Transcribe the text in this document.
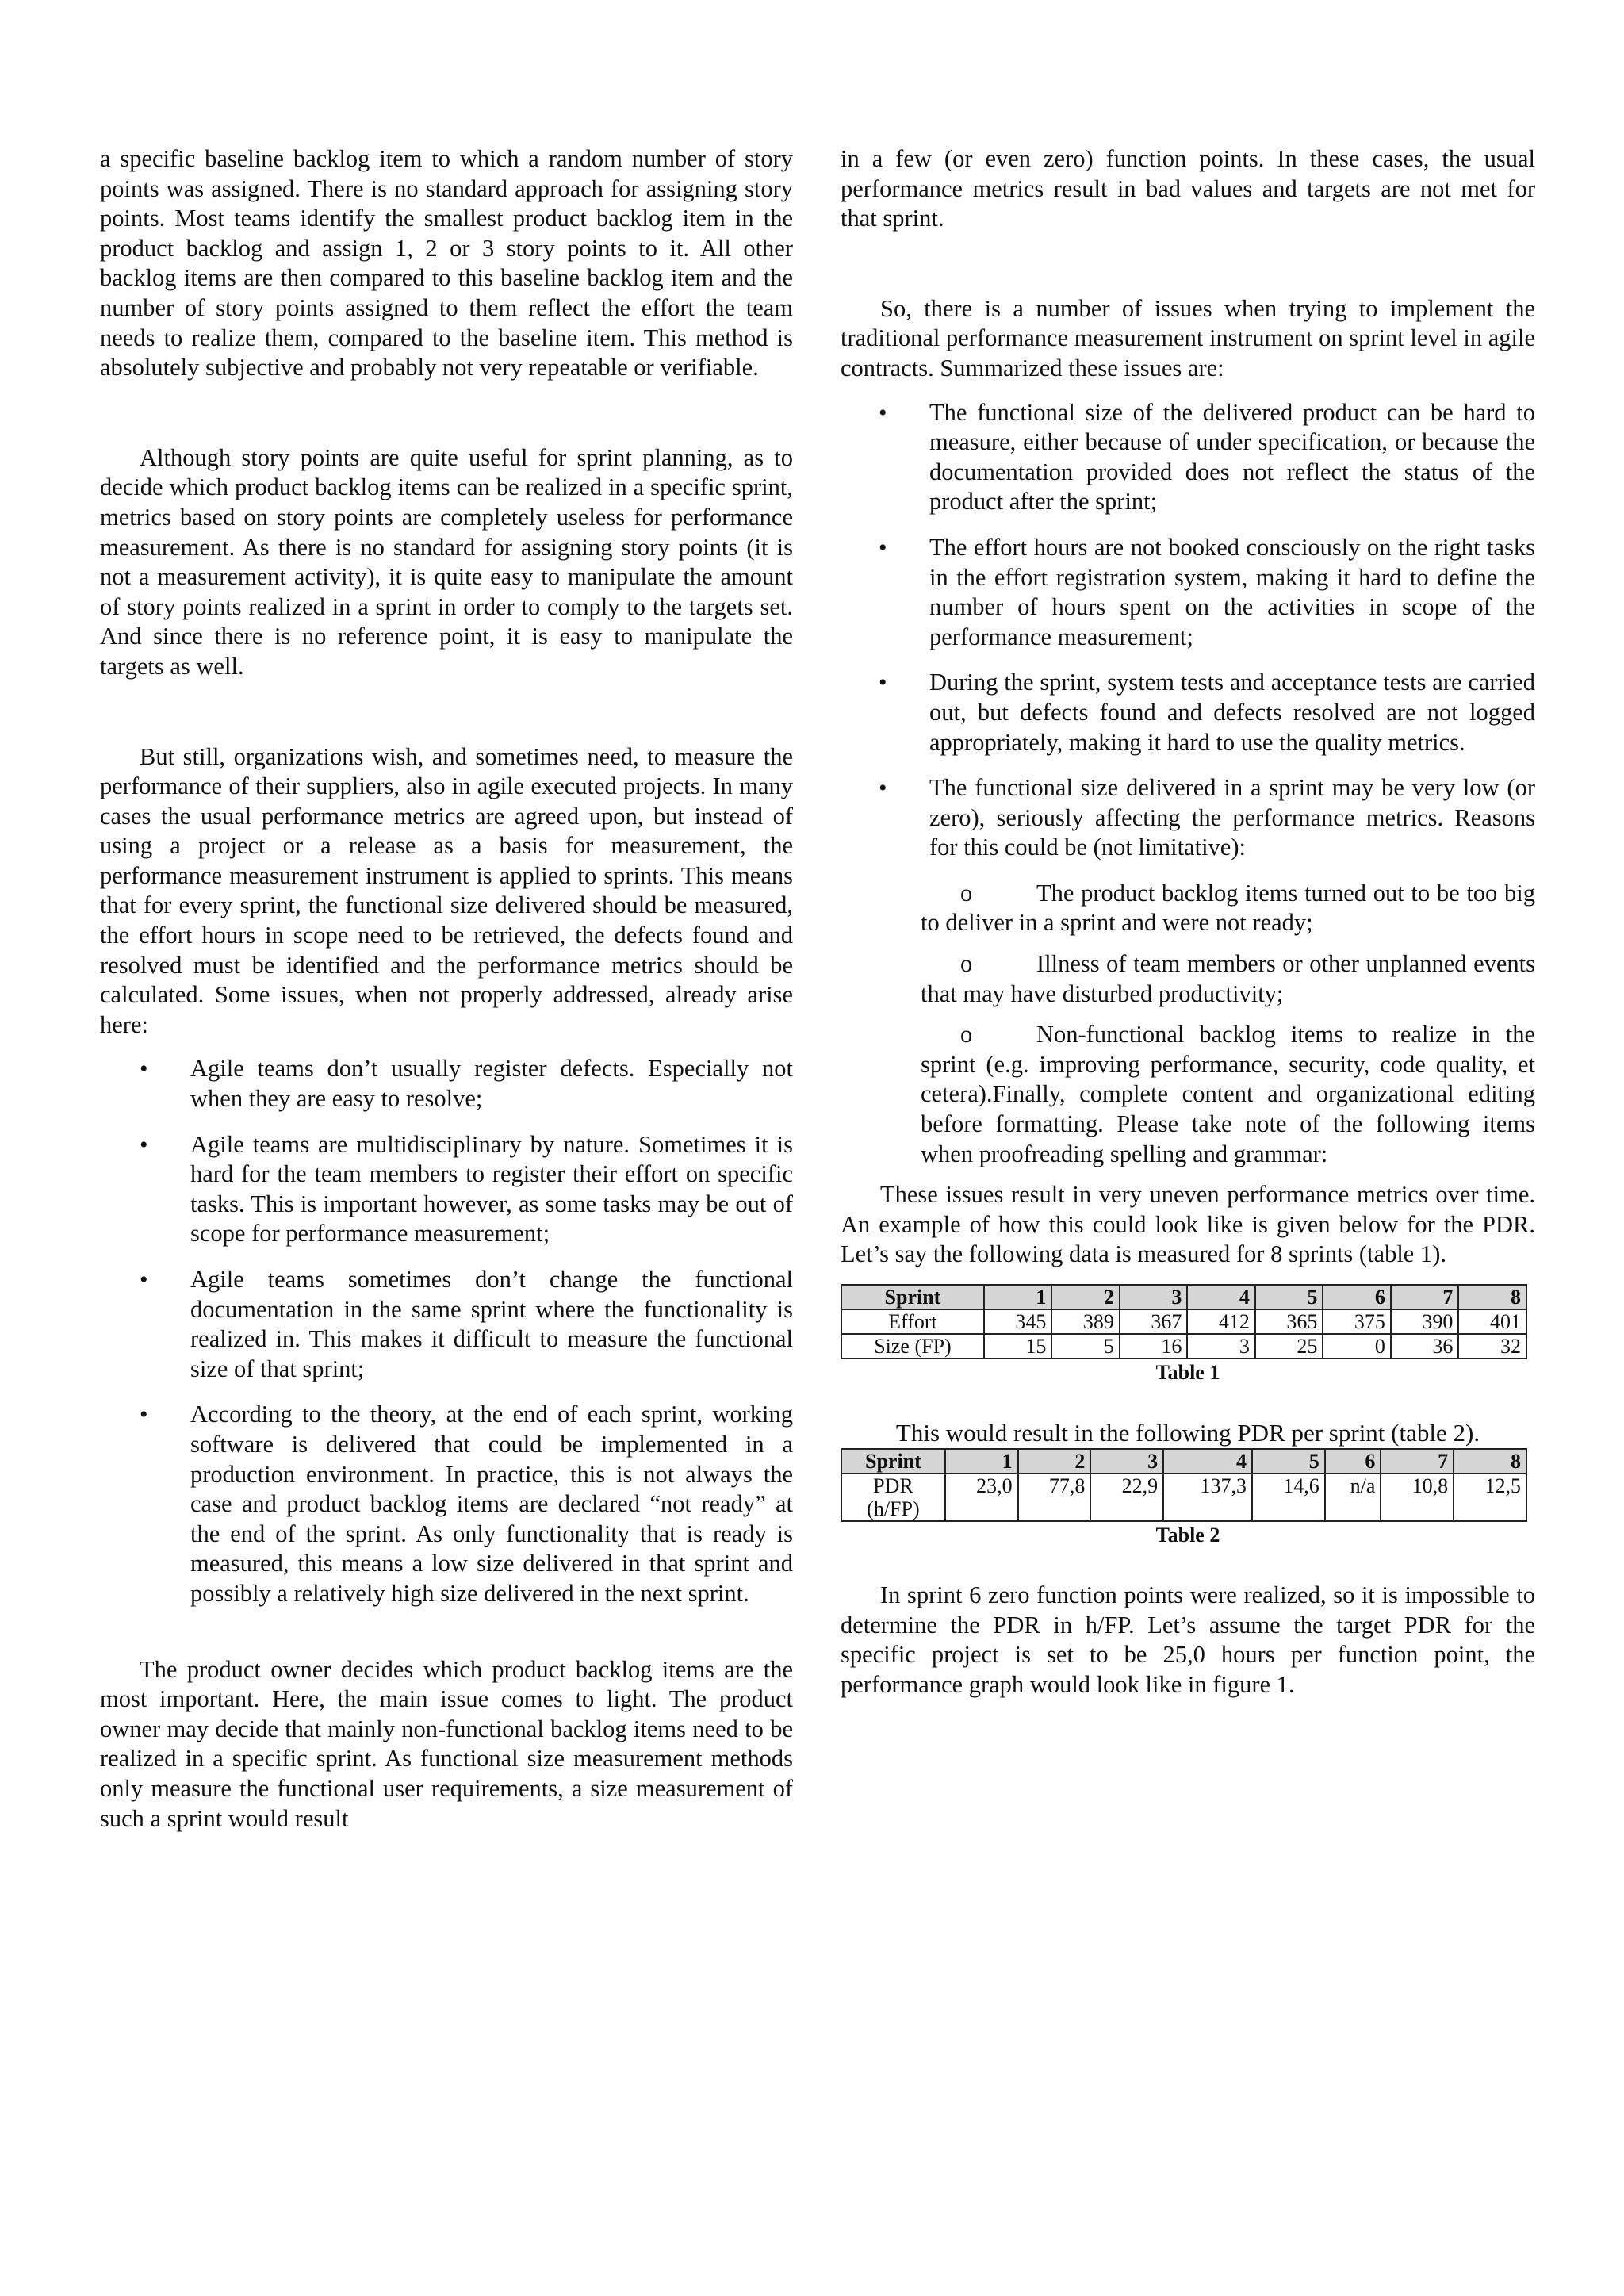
a specific baseline backlog item to which a random number of story points was assigned. There is no standard approach for assigning story points. Most teams identify the smallest product backlog item in the product backlog and assign 1, 2 or 3 story points to it. All other backlog items are then compared to this baseline backlog item and the number of story points assigned to them reflect the effort the team needs to realize them, compared to the baseline item. This method is absolutely subjective and probably not very repeatable or verifiable.

Although story points are quite useful for sprint planning, as to decide which product backlog items can be realized in a specific sprint, metrics based on story points are completely useless for performance measurement. As there is no standard for assigning story points (it is not a measurement activity), it is quite easy to manipulate the amount of story points realized in a sprint in order to comply to the targets set. And since there is no reference point, it is easy to manipulate the targets as well.

But still, organizations wish, and sometimes need, to measure the performance of their suppliers, also in agile executed projects. In many cases the usual performance metrics are agreed upon, but instead of using a project or a release as a basis for measurement, the performance measurement instrument is applied to sprints. This means that for every sprint, the functional size delivered should be measured, the effort hours in scope need to be retrieved, the defects found and resolved must be identified and the performance metrics should be calculated. Some issues, when not properly addressed, already arise here:

• Agile teams don’t usually register defects. Especially not when they are easy to resolve;

• Agile teams are multidisciplinary by nature. Sometimes it is hard for the team members to register their effort on specific tasks. This is important however, as some tasks may be out of scope for performance measurement;

• Agile teams sometimes don’t change the functional documentation in the same sprint where the functionality is realized in. This makes it difficult to measure the functional size of that sprint;

• According to the theory, at the end of each sprint, working software is delivered that could be implemented in a production environment. In practice, this is not always the case and product backlog items are declared “not ready” at the end of the sprint. As only functionality that is ready is measured, this means a low size delivered in that sprint and possibly a relatively high size delivered in the next sprint.

The product owner decides which product backlog items are the most important. Here, the main issue comes to light. The product owner may decide that mainly non-functional backlog items need to be realized in a specific sprint. As functional size measurement methods only measure the functional user requirements, a size measurement of such a sprint would result

in a few (or even zero) function points. In these cases, the usual performance metrics result in bad values and targets are not met for that sprint.

So, there is a number of issues when trying to implement the traditional performance measurement instrument on sprint level in agile contracts. Summarized these issues are:

• The functional size of the delivered product can be hard to measure, either because of under specification, or because the documentation provided does not reflect the status of the product after the sprint;

• The effort hours are not booked consciously on the right tasks in the effort registration system, making it hard to define the number of hours spent on the activities in scope of the performance measurement;

• During the sprint, system tests and acceptance tests are carried out, but defects found and defects resolved are not logged appropriately, making it hard to use the quality metrics.

• The functional size delivered in a sprint may be very low (or zero), seriously affecting the performance metrics. Reasons for this could be (not limitative):

o	The product backlog items turned out to be too big to deliver in a sprint and were not ready;

o	Illness of team members or other unplanned events that may have disturbed productivity;

o	Non-functional backlog items to realize in the sprint (e.g. improving performance, security, code quality, et cetera).Finally, complete content and organizational editing before formatting. Please take note of the following items when proofreading spelling and grammar:

These issues result in very uneven performance metrics over time. An example of how this could look like is given below for the PDR. Let’s say the following data is measured for 8 sprints (table 1).

Sprint	1	2	3	4	5	6	7	8
Effort	345	389	367	412	365	375	390	401
Size (FP)	15	5	16	3	25	0	36	32
Table 1
This would result in the following PDR per sprint (table 2).
Sprint	1	2	3	4	5	6	7	8
PDR
(h/FP)	23,0	77,8	22,9	137,3	14,6	n/a	10,8	12,5
Table 2

In sprint 6 zero function points were realized, so it is impossible to determine the PDR in h/FP. Let’s assume the target PDR for the specific project is set to be 25,0 hours per function point, the performance graph would look like in figure 1.
